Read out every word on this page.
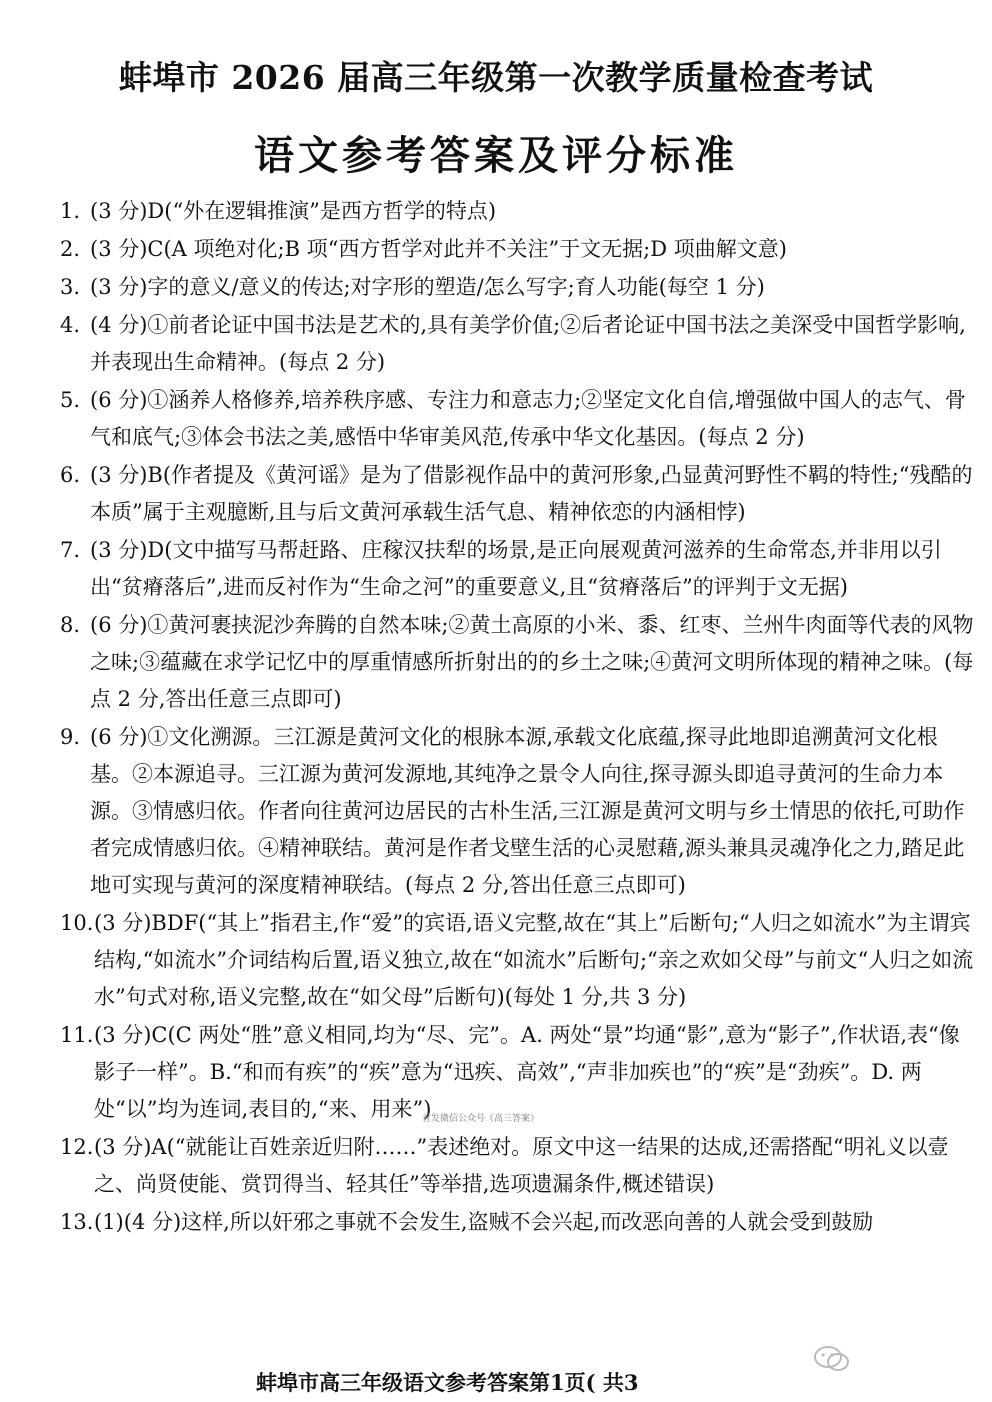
蚌埠市 2026 届高三年级第一次教学质量检查考试
语文参考答案及评分标准
1. (3 分)D(“外在逻辑推演”是西方哲学的特点)
2. (3 分)C(A 项绝对化;B 项“西方哲学对此并不关注”于文无据;D 项曲解文意)
3. (3 分)字的意义/意义的传达;对字形的塑造/怎么写字;育人功能(每空 1 分)
4. (4 分)①前者论证中国书法是艺术的,具有美学价值;②后者论证中国书法之美深受中国哲学影响,并表现出生命精神。(每点 2 分)
5. (6 分)①涵养人格修养,培养秩序感、专注力和意志力;②坚定文化自信,增强做中国人的志气、骨气和底气;③体会书法之美,感悟中华审美风范,传承中华文化基因。(每点 2 分)
6. (3 分)B(作者提及《黄河谣》是为了借影视作品中的黄河形象,凸显黄河野性不羁的特性;“残酷的本质”属于主观臆断,且与后文黄河承载生活气息、精神依恋的内涵相悖)
7. (3 分)D(文中描写马帮赶路、庄稼汉扶犁的场景,是正向展观黄河滋养的生命常态,并非用以引出“贫瘠落后”,进而反衬作为“生命之河”的重要意义,且“贫瘠落后”的评判于文无据)
8. (6 分)①黄河裹挟泥沙奔腾的自然本味;②黄土高原的小米、黍、红枣、兰州牛肉面等代表的风物之味;③蕴藏在求学记忆中的厚重情感所折射出的的乡土之味;④黄河文明所体现的精神之味。(每点 2 分,答出任意三点即可)
9. (6 分)①文化溯源。三江源是黄河文化的根脉本源,承载文化底蕴,探寻此地即追溯黄河文化根基。②本源追寻。三江源为黄河发源地,其纯净之景令人向往,探寻源头即追寻黄河的生命力本源。③情感归依。作者向往黄河边居民的古朴生活,三江源是黄河文明与乡土情思的依托,可助作者完成情感归依。④精神联结。黄河是作者戈壁生活的心灵慰藉,源头兼具灵魂净化之力,踏足此地可实现与黄河的深度精神联结。(每点 2 分,答出任意三点即可)
10. (3 分)BDF(“其上”指君主,作“爱”的宾语,语义完整,故在“其上”后断句;“人归之如流水”为主谓宾结构,“如流水”介词结构后置,语义独立,故在“如流水”后断句;“亲之欢如父母”与前文“人归之如流水”句式对称,语义完整,故在“如父母”后断句)(每处 1 分,共 3 分)
11. (3 分)C(C 两处“胜”意义相同,均为“尽、完”。A. 两处“景”均通“影”,意为“影子”,作状语,表“像影子一样”。B.“和而有疾”的“疾”意为“迅疾、高效”,“声非加疾也”的“疾”是“劲疾”。D. 两处“以”均为连词,表目的,“来、用来”)
12. (3 分)A(“就能让百姓亲近归附……”表述绝对。原文中这一结果的达成,还需搭配“明礼义以壹之、尚贤使能、赏罚得当、轻其任”等举措,选项遗漏条件,概述错误)
13. (1)(4 分)这样,所以奸邪之事就不会发生,盗贼不会兴起,而改恶向善的人就会受到鼓励
首发微信公众号《高三答案》
蚌埠市高三年级语文参考答案第1页( 共3
